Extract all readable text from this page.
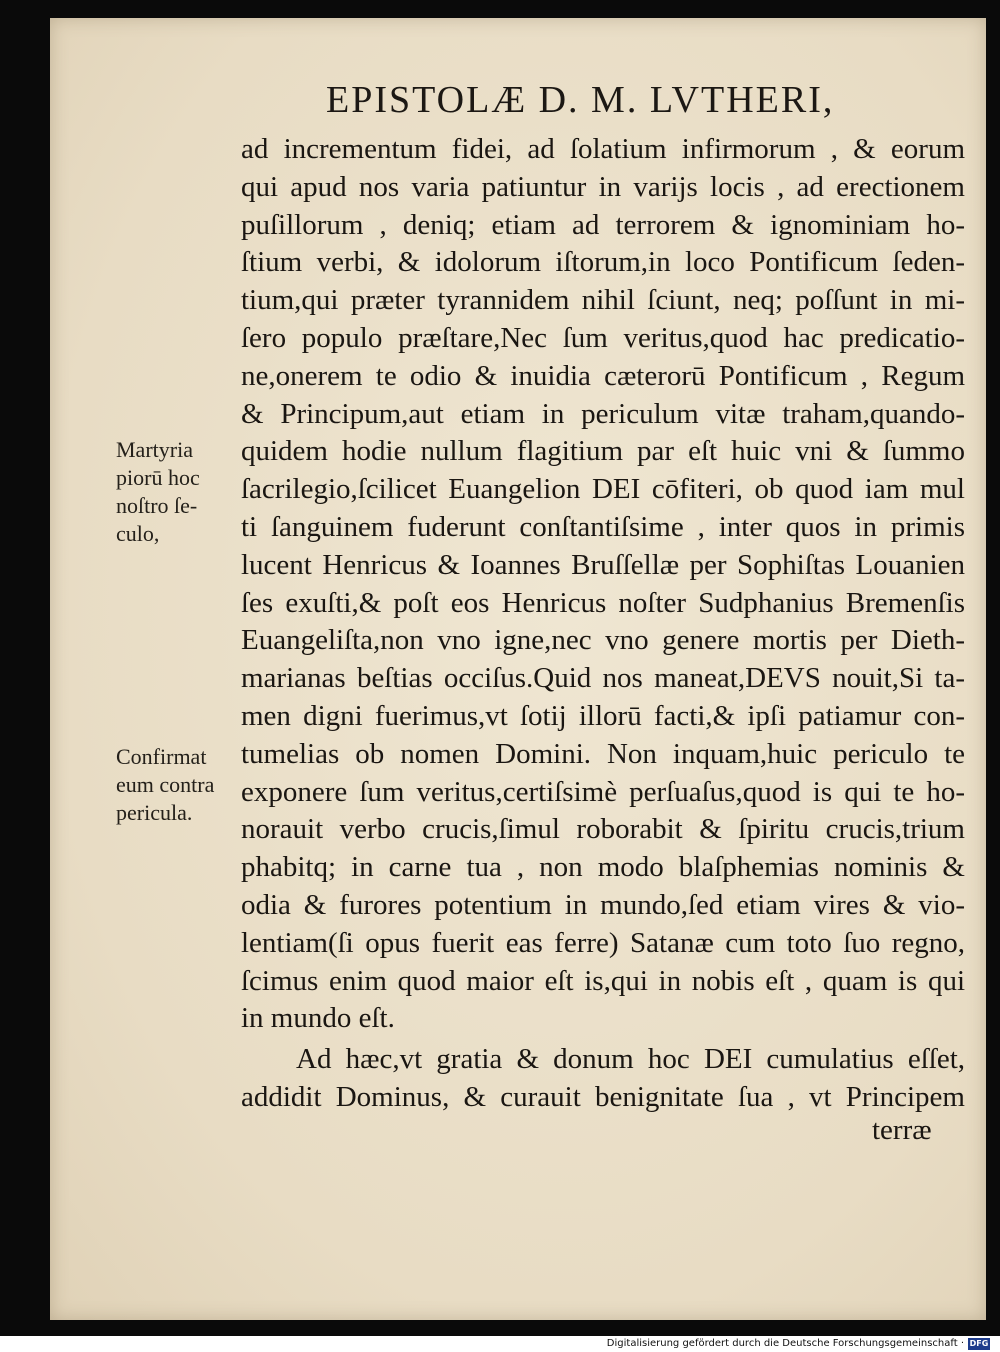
EPISTOLÆ D. M. LVTHERI,
ad incrementum fidei, ad ſolatium infirmorum , & eorum
qui apud nos varia patiuntur in varijs locis , ad erectionem
puſillorum , deniq; etiam ad terrorem & ignominiam ho-
ſtium verbi, & idolorum iſtorum,in loco Pontificum ſeden-
tium,qui præter tyrannidem nihil ſciunt, neq; poſſunt in mi-
ſero populo præſtare,Nec ſum veritus,quod hac predicatio-
ne,onerem te odio & inuidia cæterorū Pontificum , Regum
& Principum,aut etiam in periculum vitæ traham,quando-
quidem hodie nullum flagitium par eſt huic vni & ſummo
ſacrilegio,ſcilicet Euangelion DEI cōfiteri, ob quod iam mul
ti ſanguinem fuderunt conſtantiſsime , inter quos in primis
lucent Henricus & Ioannes Bruſſellæ per Sophiſtas Louanien
ſes exuſti,& poſt eos Henricus noſter Sudphanius Bremenſis
Euangeliſta,non vno igne,nec vno genere mortis per Dieth-
marianas beſtias occiſus.Quid nos maneat,DEVS nouit,Si ta-
men digni fuerimus,vt ſotij illorū facti,& ipſi patiamur con-
tumelias ob nomen Domini. Non inquam,huic periculo te
exponere ſum veritus,certiſsimè perſuaſus,quod is qui te ho-
norauit verbo crucis,ſimul roborabit & ſpiritu crucis,trium
phabitq; in carne tua , non modo blaſphemias nominis &
odia & furores potentium in mundo,ſed etiam vires & vio-
lentiam(ſi opus fuerit eas ferre) Satanæ cum toto ſuo regno,
ſcimus enim quod maior eſt is,qui in nobis eſt , quam is qui
in mundo eſt.
Ad hæc,vt gratia & donum hoc DEI cumulatius eſſet,
addidit Dominus, & curauit benignitate ſua , vt Principem
terræ
Martyria
piorū hoc
noſtro ſe-
culo,
Confirmat
eum contra
pericula.
Digitalisierung gefördert durch die Deutsche Forschungsgemeinschaft · DFG
